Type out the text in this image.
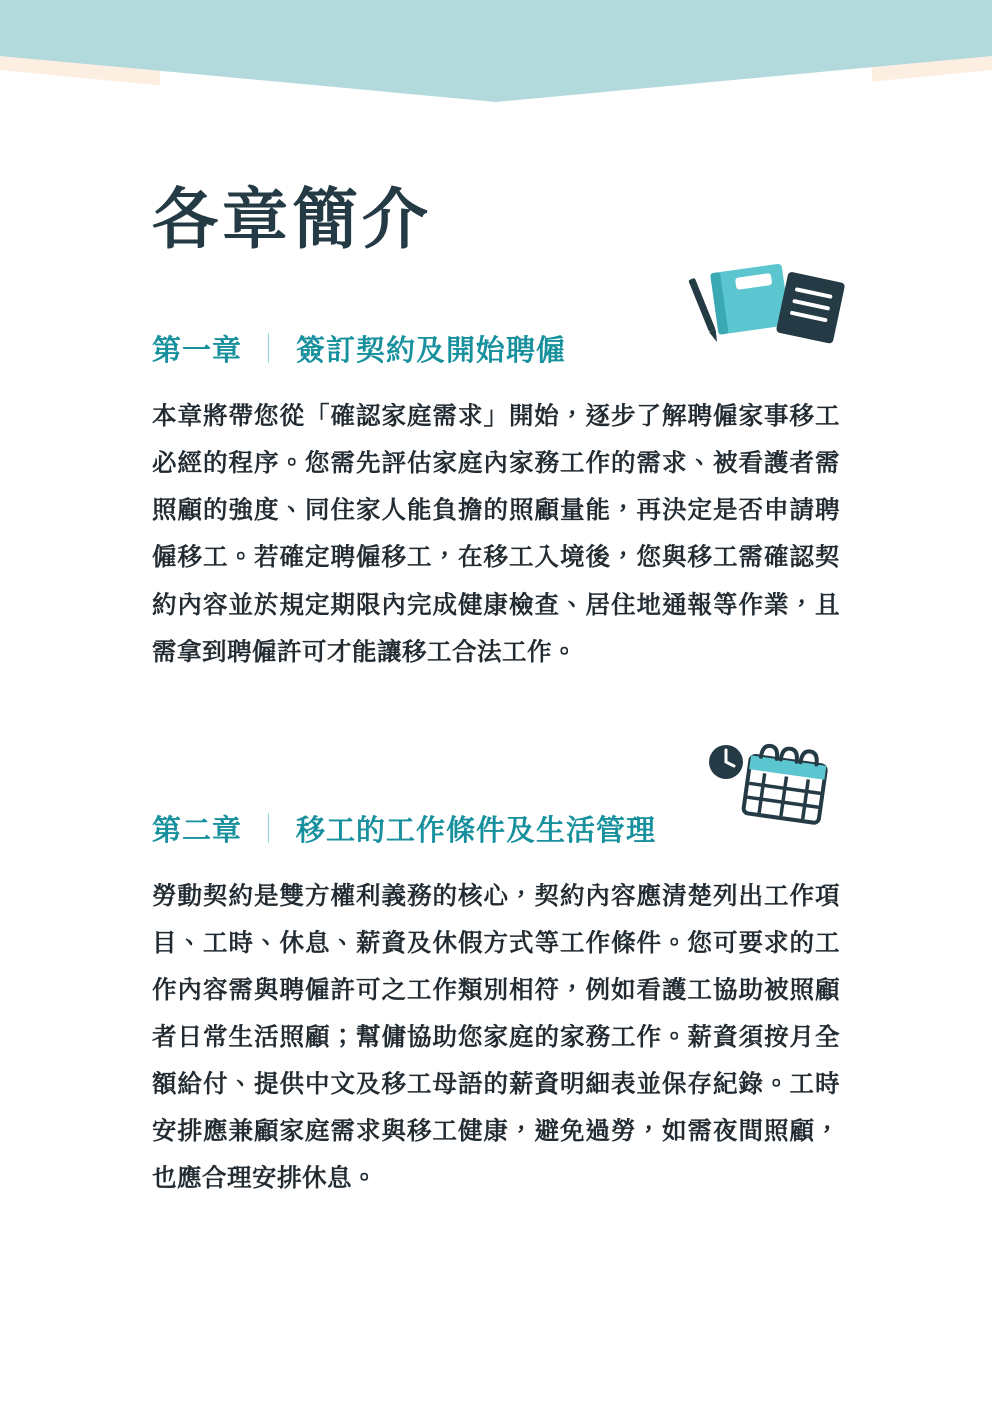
各章簡介
第一章 ｜ 簽訂契約及開始聘僱

本章將帶您從「確認家庭需求」開始，逐步了解聘僱家事移工必經的程序。您需先評估家庭內家務工作的需求、被看護者需照顧的強度、同住家人能負擔的照顧量能，再決定是否申請聘僱移工。若確定聘僱移工，在移工入境後，您與移工需確認契約內容並於規定期限內完成健康檢查、居住地通報等作業，且需拿到聘僱許可才能讓移工合法工作。

第二章 ｜ 移工的工作條件及生活管理

勞動契約是雙方權利義務的核心，契約內容應清楚列出工作項目、工時、休息、薪資及休假方式等工作條件。您可要求的工作內容需與聘僱許可之工作類別相符，例如看護工協助被照顧者日常生活照顧；幫傭協助您家庭的家務工作。薪資須按月全額給付、提供中文及移工母語的薪資明細表並保存紀錄。工時安排應兼顧家庭需求與移工健康，避免過勞，如需夜間照顧，也應合理安排休息。
